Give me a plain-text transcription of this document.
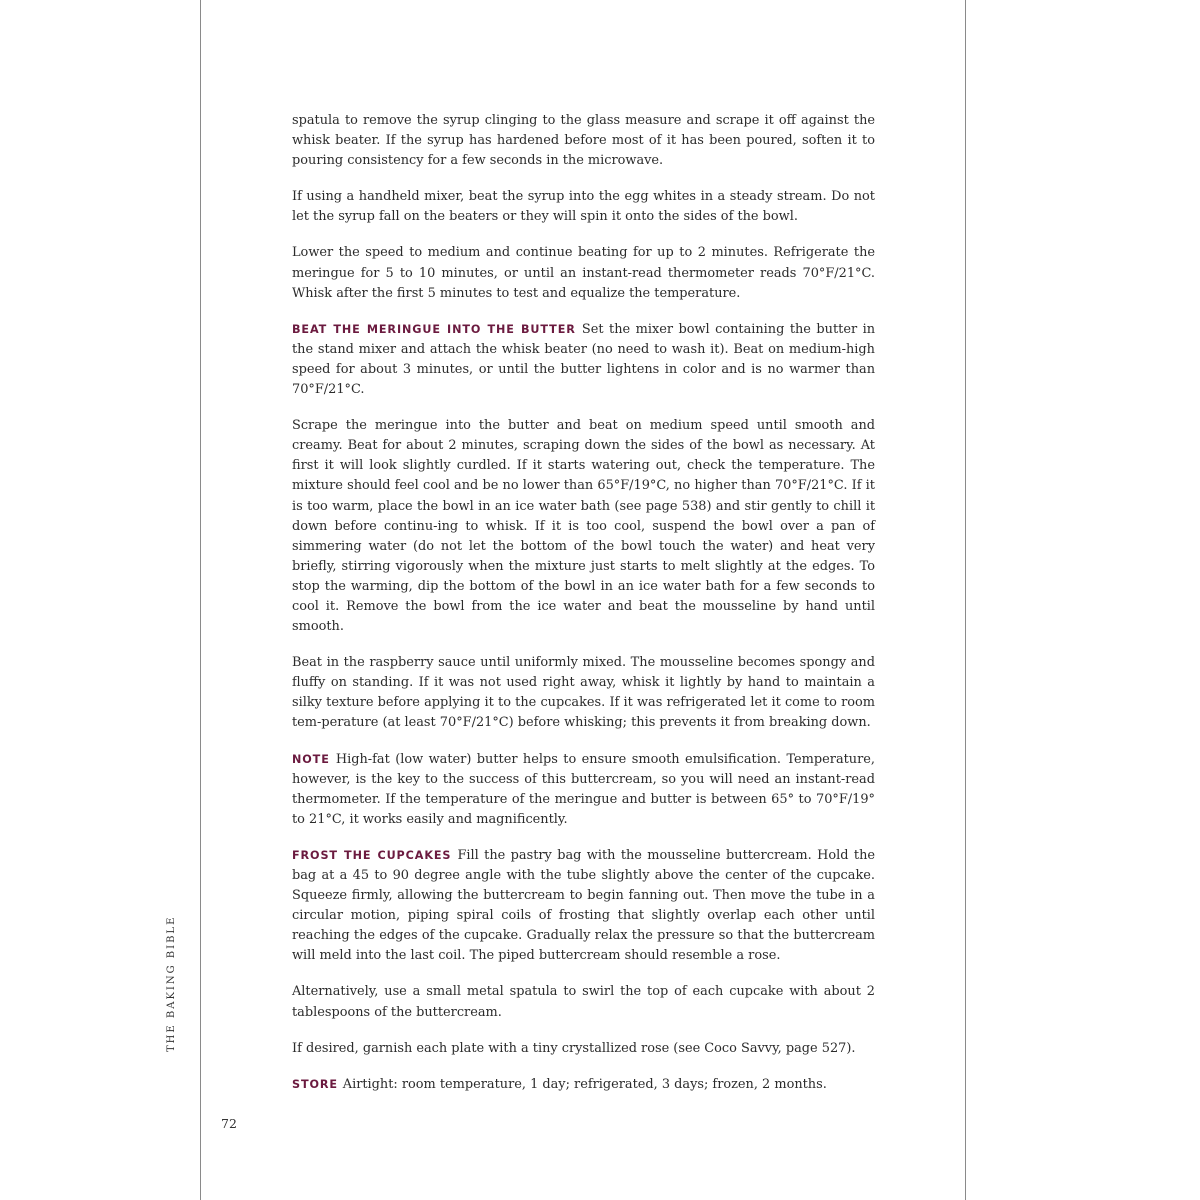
spatula to remove the syrup clinging to the glass measure and scrape it off against the whisk beater. If the syrup has hardened before most of it has been poured, soften it to pouring consistency for a few seconds in the microwave.

If using a handheld mixer, beat the syrup into the egg whites in a steady stream. Do not let the syrup fall on the beaters or they will spin it onto the sides of the bowl.

Lower the speed to medium and continue beating for up to 2 minutes. Refrigerate the meringue for 5 to 10 minutes, or until an instant-read thermometer reads 70°F/21°C. Whisk after the first 5 minutes to test and equalize the temperature.

BEAT THE MERINGUE INTO THE BUTTER Set the mixer bowl containing the butter in the stand mixer and attach the whisk beater (no need to wash it). Beat on medium-high speed for about 3 minutes, or until the butter lightens in color and is no warmer than 70°F/21°C.

Scrape the meringue into the butter and beat on medium speed until smooth and creamy. Beat for about 2 minutes, scraping down the sides of the bowl as necessary. At first it will look slightly curdled. If it starts watering out, check the temperature. The mixture should feel cool and be no lower than 65°F/19°C, no higher than 70°F/21°C. If it is too warm, place the bowl in an ice water bath (see page 538) and stir gently to chill it down before continu-ing to whisk. If it is too cool, suspend the bowl over a pan of simmering water (do not let the bottom of the bowl touch the water) and heat very briefly, stirring vigorously when the mixture just starts to melt slightly at the edges. To stop the warming, dip the bottom of the bowl in an ice water bath for a few seconds to cool it. Remove the bowl from the ice water and beat the mousseline by hand until smooth.

Beat in the raspberry sauce until uniformly mixed. The mousseline becomes spongy and fluffy on standing. If it was not used right away, whisk it lightly by hand to maintain a silky texture before applying it to the cupcakes. If it was refrigerated let it come to room tem-perature (at least 70°F/21°C) before whisking; this prevents it from breaking down.

NOTE High-fat (low water) butter helps to ensure smooth emulsification. Temperature, however, is the key to the success of this buttercream, so you will need an instant-read thermometer. If the temperature of the meringue and butter is between 65° to 70°F/19° to 21°C, it works easily and magnificently.

FROST THE CUPCAKES Fill the pastry bag with the mousseline buttercream. Hold the bag at a 45 to 90 degree angle with the tube slightly above the center of the cupcake. Squeeze firmly, allowing the buttercream to begin fanning out. Then move the tube in a circular motion, piping spiral coils of frosting that slightly overlap each other until reaching the edges of the cupcake. Gradually relax the pressure so that the buttercream will meld into the last coil. The piped buttercream should resemble a rose.

Alternatively, use a small metal spatula to swirl the top of each cupcake with about 2 tablespoons of the buttercream.

If desired, garnish each plate with a tiny crystallized rose (see Coco Savvy, page 527).

STORE Airtight: room temperature, 1 day; refrigerated, 3 days; frozen, 2 months.

THE BAKING BIBLE
72
